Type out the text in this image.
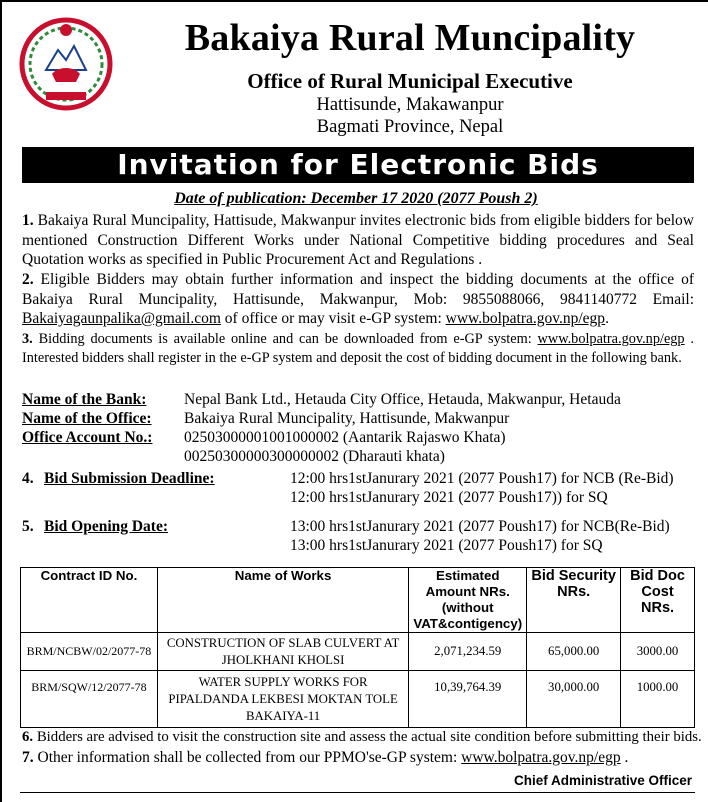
Bakaiya Rural Muncipality
Office of Rural Municipal Executive
Hattisunde, Makawanpur
Bagmati Province, Nepal
Invitation for Electronic Bids
Date of publication: December 17 2020 (2077 Poush 2)
1. Bakaiya Rural Muncipality, Hattisude, Makwanpur invites electronic bids from eligible bidders for below mentioned Construction Different Works under National Competitive bidding procedures and Seal Quotation works as specified in Public Procurement Act and Regulations .
2. Eligible Bidders may obtain further information and inspect the bidding documents at the office of Bakaiya Rural Muncipality, Hattisunde, Makwanpur, Mob: 9855088066, 9841140772 Email: Bakaiyagaunpalika@gmail.com of office or may visit e-GP system: www.bolpatra.gov.np/egp.
3. Bidding documents is available online and can be downloaded from e-GP system: www.bolpatra.gov.np/egp . Interested bidders shall register in the e-GP system and deposit the cost of bidding document in the following bank.
Name of the Bank: Nepal Bank Ltd., Hetauda City Office, Hetauda, Makwanpur, Hetauda
Name of the Office: Bakaiya Rural Muncipality, Hattisunde, Makwanpur
Office Account No.: 02503000001001000002 (Aantarik Rajaswo Khata)
00250300000300000002 (Dharauti khata)
4. Bid Submission Deadline:	12:00 hrs1stJanurary 2021 (2077 Poush17) for NCB (Re-Bid)
12:00 hrs1stJanurary 2021 (2077 Poush17)) for SQ
5. Bid Opening Date:	13:00 hrs1stJanurary 2021 (2077 Poush17) for NCB(Re-Bid)
13:00 hrs1stJanurary 2021 (2077 Poush17) for SQ
Contract ID No.	Name of Works	Estimated Amount NRs.(without VAT&contigency)	Bid Security NRs.	Bid Doc Cost NRs.
BRM/NCBW/02/2077-78	CONSTRUCTION OF SLAB CULVERT AT JHOLKHANI KHOLSI	2,071,234.59	65,000.00	3000.00
BRM/SQW/12/2077-78	WATER SUPPLY WORKS FOR PIPALDANDA LEKBESI MOKTAN TOLE BAKAIYA-11	10,39,764.39	30,000.00	1000.00
6. Bidders are advised to visit the construction site and assess the actual site condition before submitting their bids.
7. Other information shall be collected from our PPMO'se-GP system: www.bolpatra.gov.np/egp .
Chief Administrative Officer
